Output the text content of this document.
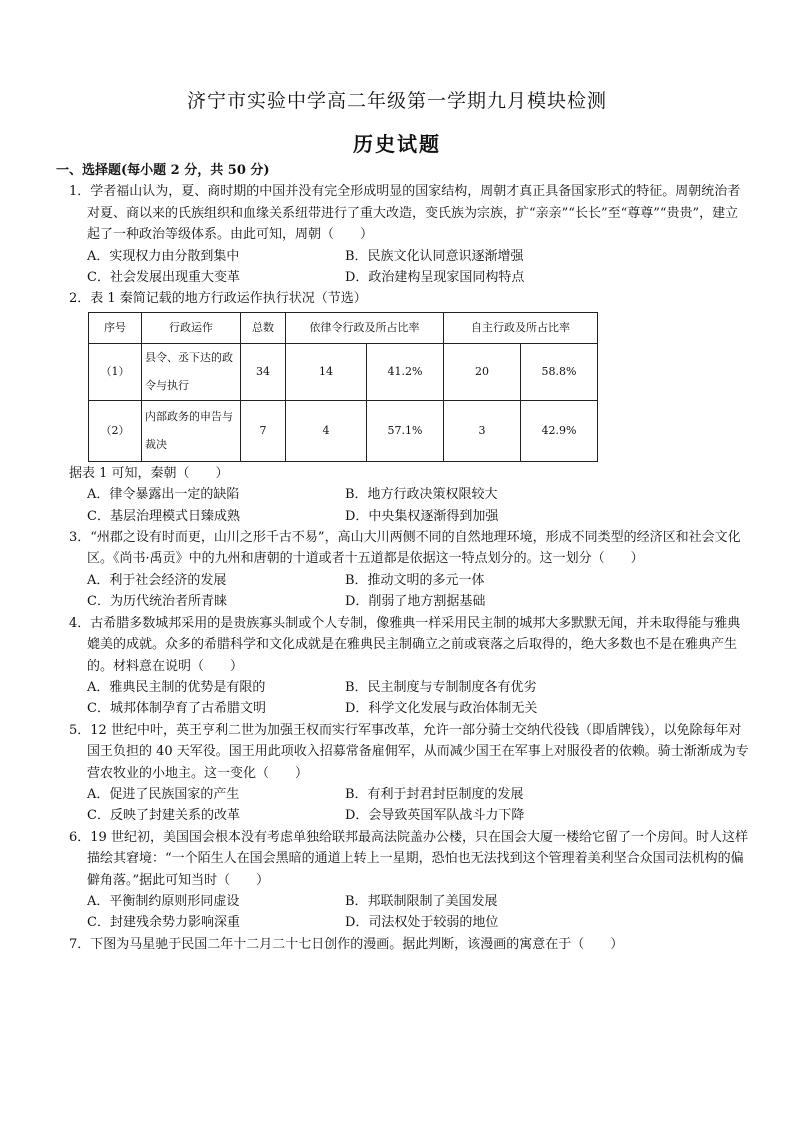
济宁市实验中学高二年级第一学期九月模块检测
历史试题
一、选择题(每小题 2 分，共 50 分)
1．学者福山认为，夏、商时期的中国并没有完全形成明显的国家结构，周朝才真正具备国家形式的特征。周朝统治者对夏、商以来的氏族组织和血缘关系纽带进行了重大改造，变氏族为宗族，扩“亲亲”“长长”至“尊尊”“贵贵”，建立起了一种政治等级体系。由此可知，周朝（　　）
A．实现权力由分散到集中	B．民族文化认同意识逐渐增强
C．社会发展出现重大变革	D．政治建构呈现家国同构特点
2．表 1 秦简记载的地方行政运作执行状况（节选）
序号	行政运作	总数	依律令行政及所占比率		自主行政及所占比率	
（1）	县令、丞下达的政令与执行	34	14	41.2%	20	58.8%
（2）	内部政务的申告与裁决	7	4	57.1%	3	42.9%
据表 1 可知，秦朝（　　）
A．律令暴露出一定的缺陷	B．地方行政决策权限较大
C．基层治理模式日臻成熟	D．中央集权逐渐得到加强
3．“州郡之设有时而更，山川之形千古不易”，高山大川两侧不同的自然地理环境，形成不同类型的经济区和社会文化区。《尚书·禹贡》中的九州和唐朝的十道或者十五道都是依据这一特点划分的。这一划分（　　）
A．利于社会经济的发展	B．推动文明的多元一体
C．为历代统治者所青睐	D．削弱了地方割据基础
4．古希腊多数城邦采用的是贵族寡头制或个人专制，像雅典一样采用民主制的城邦大多默默无闻，并未取得能与雅典媲美的成就。众多的希腊科学和文化成就是在雅典民主制确立之前或衰落之后取得的，绝大多数也不是在雅典产生的。材料意在说明（　　）
A．雅典民主制的优势是有限的	B．民主制度与专制制度各有优劣
C．城邦体制孕育了古希腊文明	D．科学文化发展与政治体制无关
5．12 世纪中叶，英王亨利二世为加强王权而实行军事改革，允许一部分骑士交纳代役钱（即盾牌钱），以免除每年对国王负担的 40 天军役。国王用此项收入招募常备雇佣军，从而减少国王在军事上对服役者的依赖。骑士渐渐成为专营农牧业的小地主。这一变化（　　）
A．促进了民族国家的产生	B．有利于封君封臣制度的发展
C．反映了封建关系的改革	D．会导致英国军队战斗力下降
6．19 世纪初，美国国会根本没有考虑单独给联邦最高法院盖办公楼，只在国会大厦一楼给它留了一个房间。时人这样描绘其窘境：“一个陌生人在国会黑暗的通道上转上一星期，恐怕也无法找到这个管理着美利坚合众国司法机构的偏僻角落。”据此可知当时（　　）
A．平衡制约原则形同虚设	B．邦联制限制了美国发展
C．封建残余势力影响深重	D．司法权处于较弱的地位
7．下图为马星驰于民国二年十二月二十七日创作的漫画。据此判断，该漫画的寓意在于（　　）
